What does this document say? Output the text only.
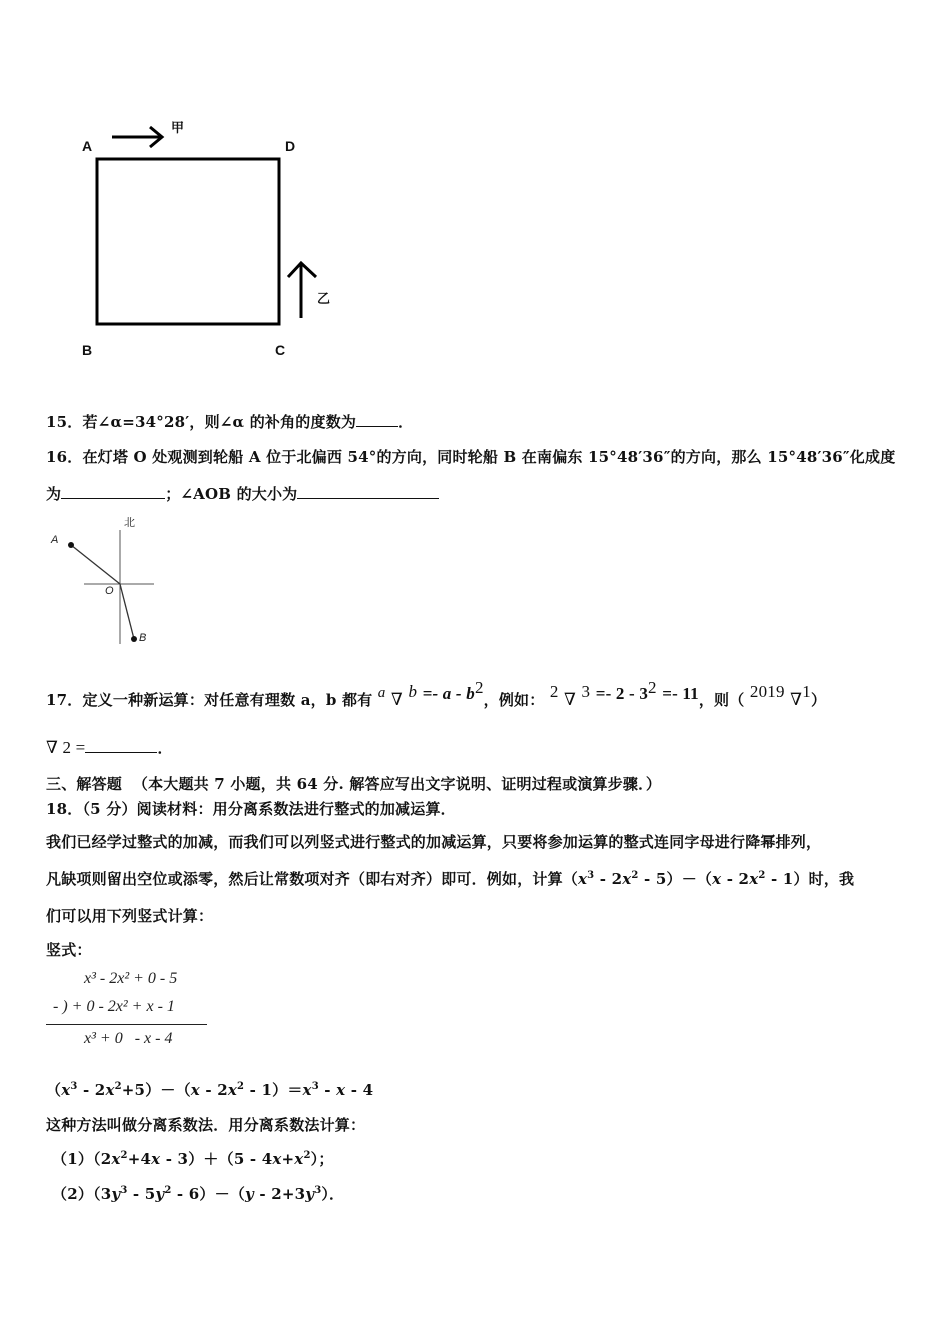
A	D
B	C
甲
乙
15．若∠α=34°28′，则∠α 的补角的度数为	．
16．在灯塔 O 处观测到轮船 A 位于北偏西 54°的方向，同时轮船 B 在南偏东 15°48′36″的方向，那么 15°48′36″化成度
为	；∠AOB 的大小为
北
A
O
B
17．定义一种新运算：对任意有理数 a，b 都有 a ∇ $b =- a - b^2$，例如： 2 ∇ $3 =- 2 - 3^2 =- 11$，则（ 2019 ∇1）
∇ 2 =	．
三、解答题 （本大题共 7 小题，共 64 分. 解答应写出文字说明、证明过程或演算步骤．）
18．（5 分）阅读材料：用分离系数法进行整式的加减运算．
我们已经学过整式的加减，而我们可以列竖式进行整式的加减运算，只要将参加运算的整式连同字母进行降幂排列，
凡缺项则留出空位或添零，然后让常数项对齐（即右对齐）即可．例如，计算$(x^3 - 2x^2 - 5)-(x - 2x^2 - 1)$时，我
们可以用下列竖式计算：
竖式：
x³ - 2x² + 0 - 5
- ) + 0 - 2x² + x - 1
x³ + 0   - x - 4
$(x^3 - 2x^2+5)-(x - 2x^2 - 1)=x^3 - x - 4$
这种方法叫做分离系数法．用分离系数法计算：
$(1)(2x^2+4x - 3)+(5 - 4x+x^2)$；
$(2)(3y^3 - 5y^2 - 6)-(y - 2+3y^3)$．
